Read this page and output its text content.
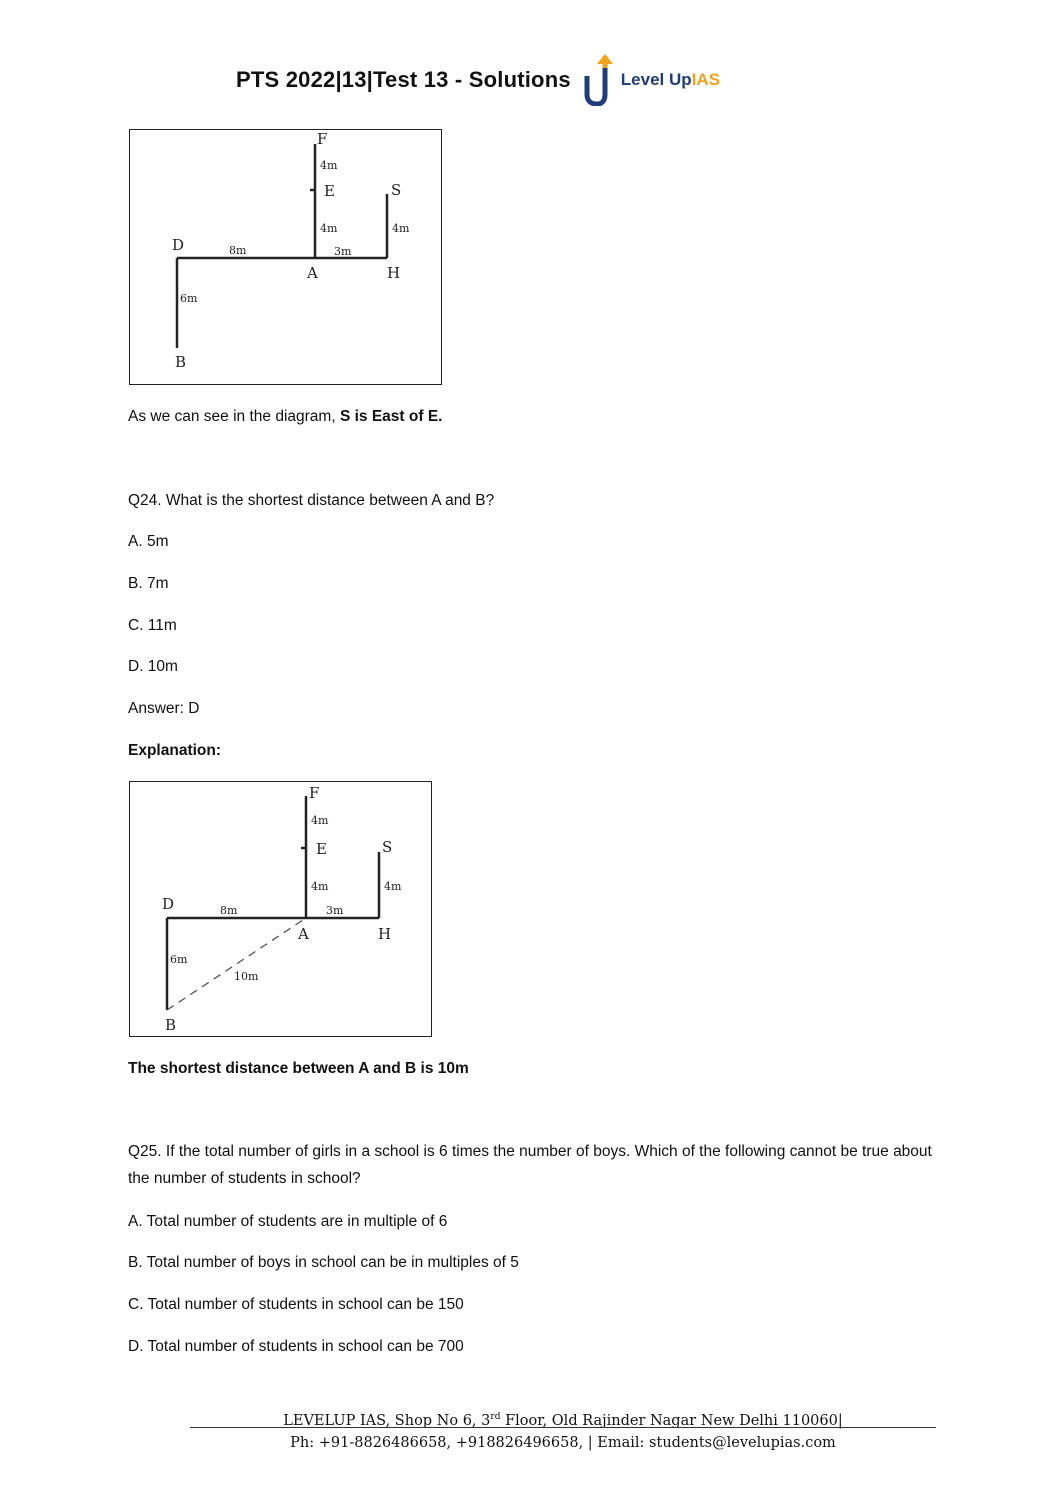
PTS 2022|13|Test 13 - Solutions	Level UpIAS
F
4m
E
4m
S
4m
D	8m	3m
A	H
6m
B
As we can see in the diagram, S is East of E.
Q24. What is the shortest distance between A and B?
A. 5m
B. 7m
C. 11m
D. 10m
Answer: D
Explanation:
F
4m
E
4m
S
4m
D	8m	3m
A	H
6m
10m
B
The shortest distance between A and B is 10m
Q25. If the total number of girls in a school is 6 times the number of boys. Which of the following cannot be true about the number of students in school?
A. Total number of students are in multiple of 6
B. Total number of boys in school can be in multiples of 5
C. Total number of students in school can be 150
D. Total number of students in school can be 700
LEVELUP IAS, Shop No 6, 3rd Floor, Old Rajinder Nagar New Delhi 110060|
Ph: +91-8826486658, +918826496658, | Email: students@levelupias.com
